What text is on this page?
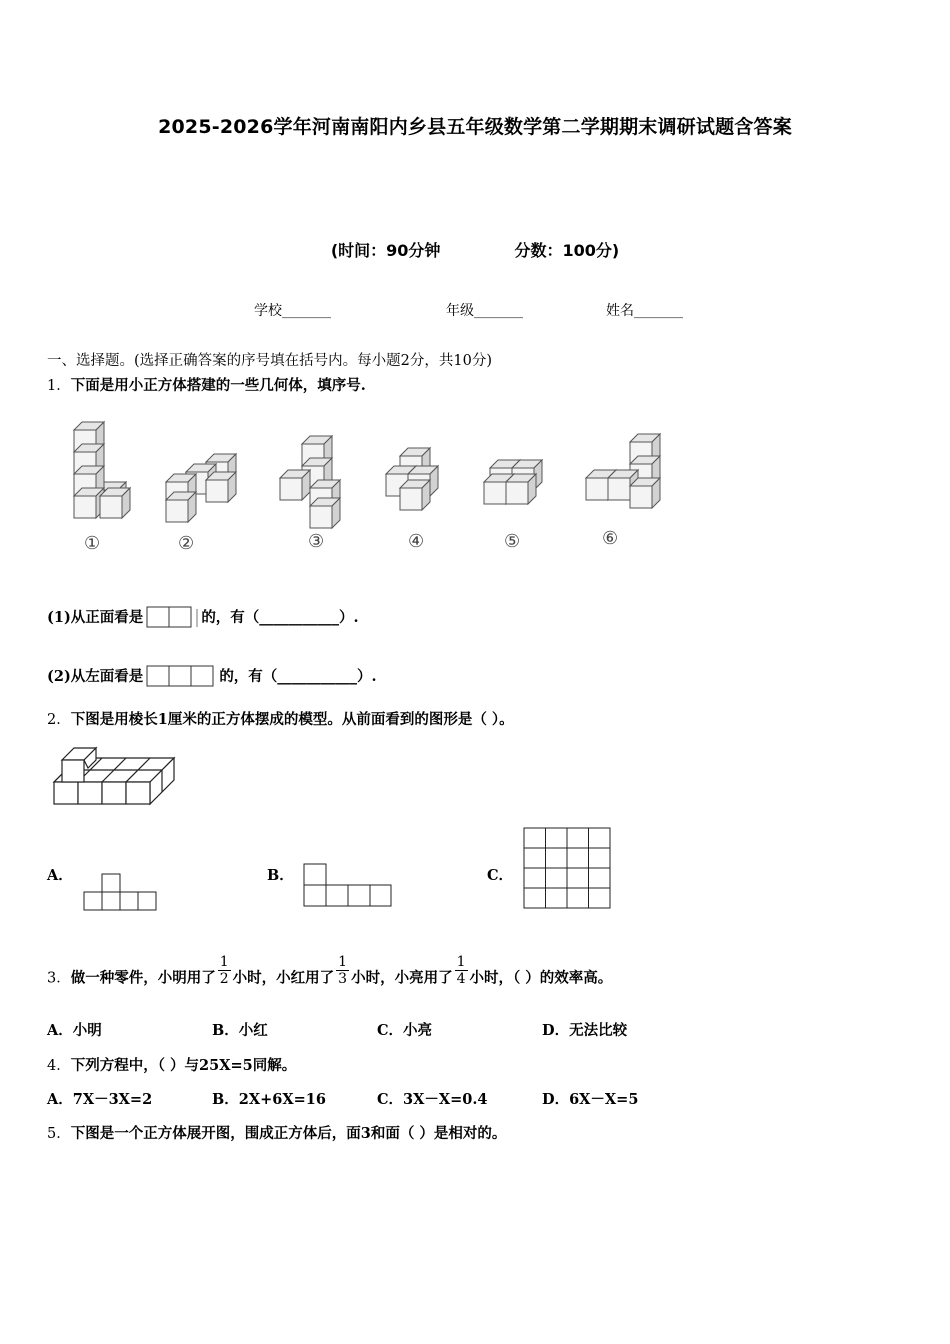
2025-2026学年河南南阳内乡县五年级数学第二学期期末调研试题含答案
(时间：90分钟	分数：100分)
学校_______	年级_______	姓名_______
一、选择题。(选择正确答案的序号填在括号内。每小题2分，共10分)
1．下面是用小正方体搭建的一些几何体，填序号.
①	②	③	④	⑤	⑥
(1)从正面看是	的，有（___________）.
(2)从左面看是	的，有（___________）.
2．下图是用棱长1厘米的正方体摆成的模型。从前面看到的图形是（ ）。
A．	B．	C．
3．做一种零件，小明用了 $\frac{1}{2}$ 小时，小红用了 $\frac{1}{3}$ 小时，小亮用了 $\frac{1}{4}$ 小时，（ ）的效率高。
A．小明	B．小红	C．小亮	D．无法比较
4．下列方程中，（ ）与25X=5同解。
A．7X－3X=2	B．2X+6X=16	C．3X－X=0.4	D．6X－X=5
5．下图是一个正方体展开图，围成正方体后，面3和面（ ）是相对的。
